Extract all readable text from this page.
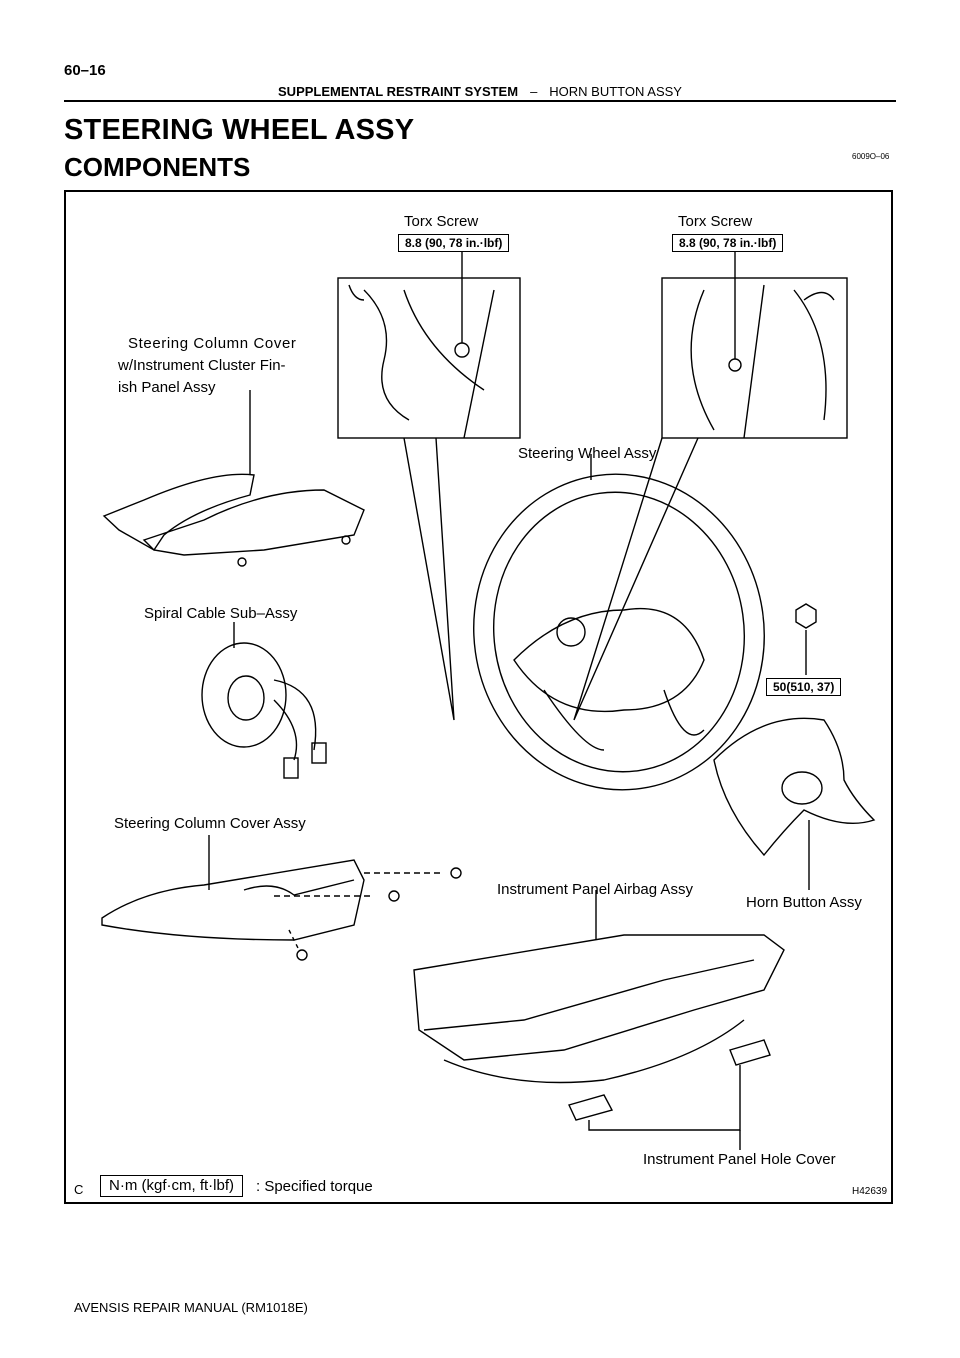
60–16
SUPPLEMENTAL RESTRAINT SYSTEM – HORN BUTTON ASSY
STEERING WHEEL ASSY
COMPONENTS	6009O–06
Torx Screw
8.8 (90, 78 in.·lbf)
Torx Screw
8.8 (90, 78 in.·lbf)
Steering Column Cover
w/Instrument Cluster Fin-
ish Panel Assy
Steering Wheel Assy
Spiral Cable Sub–Assy
50(510, 37)
Steering Column Cover Assy
Instrument Panel Airbag Assy
Horn Button Assy
Instrument Panel Hole Cover
C	N·m (kgf·cm, ft·lbf)	: Specified torque	H42639
AVENSIS REPAIR MANUAL (RM1018E)
